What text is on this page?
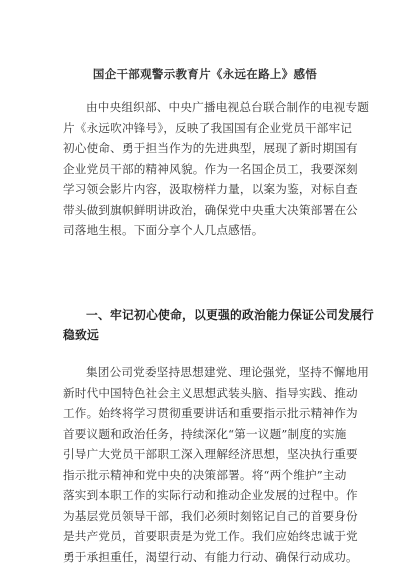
国企干部观警示教育片《永远在路上》感悟
由中央组织部、中央广播电视总台联合制作的电视专题
片《永远吹冲锋号》，反映了我国国有企业党员干部牢记
初心使命、勇于担当作为的先进典型，展现了新时期国有
企业党员干部的精神风貌。作为一名国企员工，我要深刻
学习领会影片内容，汲取榜样力量，以案为鉴，对标自查
带头做到旗帜鲜明讲政治，确保党中央重大决策部署在公
司落地生根。下面分享个人几点感悟。
一、牢记初心使命，以更强的政治能力保证公司发展行
稳致远
集团公司党委坚持思想建党、理论强党，坚持不懈地用
新时代中国特色社会主义思想武装头脑、指导实践、推动
工作。始终将学习贯彻重要讲话和重要指示批示精神作为
首要议题和政治任务，持续深化“第一议题”制度的实施
引导广大党员干部职工深入理解经济思想，坚决执行重要
指示批示精神和党中央的决策部署。将“两个维护”主动
落实到本职工作的实际行动和推动企业发展的过程中。作
为基层党员领导干部，我们必须时刻铭记自己的首要身份
是共产党员，首要职责是为党工作。我们应始终忠诚于党
勇于承担重任，渴望行动、有能力行动、确保行动成功。
